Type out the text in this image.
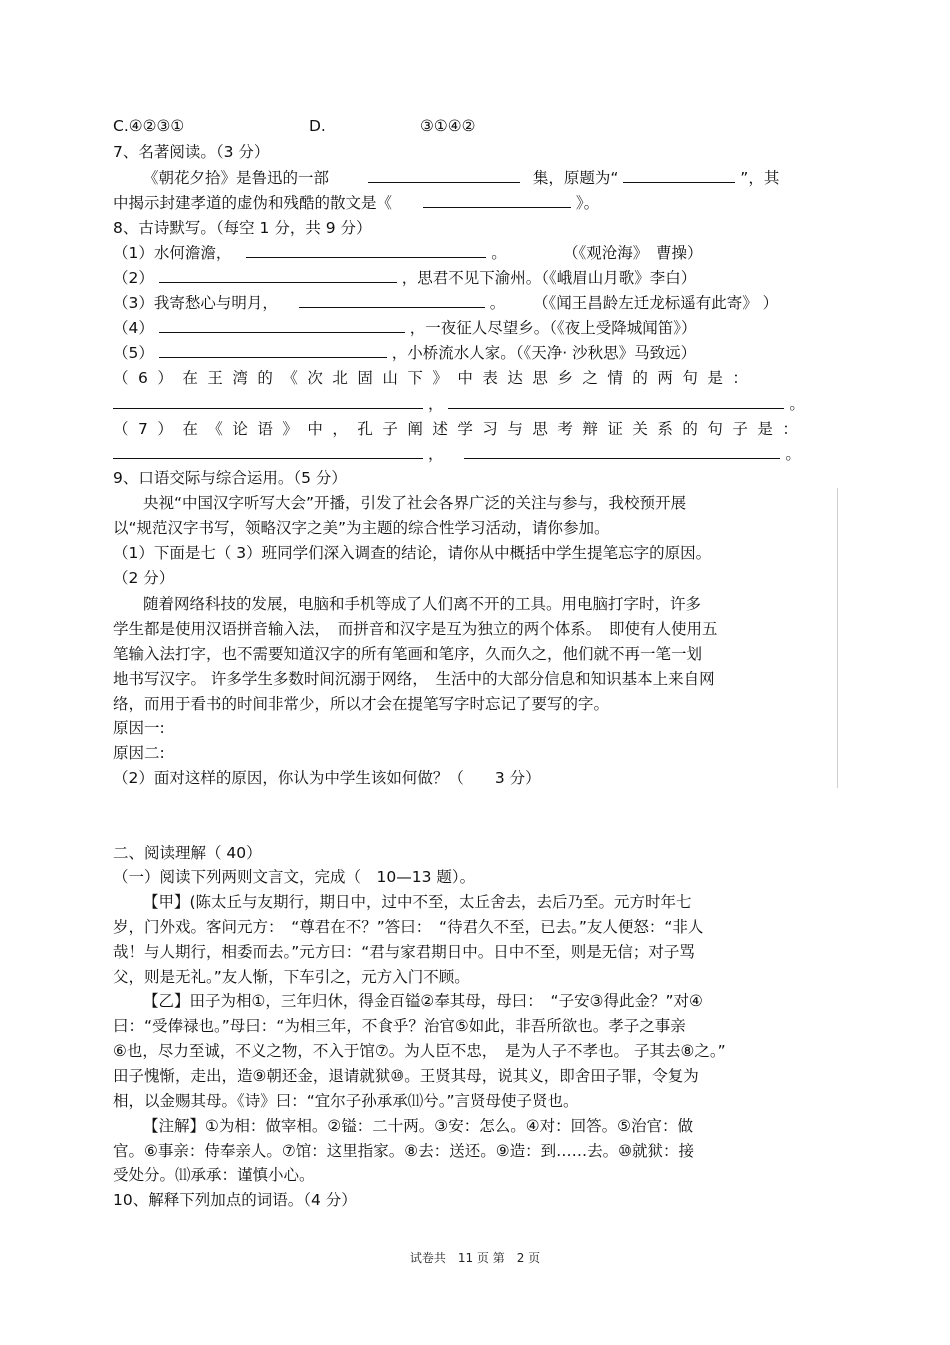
C.④②③①	D.	③①④②
7、名著阅读。（3 分）
《朝花夕拾》是鲁迅的一部	集，原题为“	”，其
中揭示封建孝道的虚伪和残酷的散文是《	》。
8、古诗默写。（每空 1 分，共 9 分）
（1）水何澹澹，	。	（《观沧海》　曹操）
（2）	，思君不见下渝州。（《峨眉山月歌》李白）
（3）我寄愁心与明月，	。 （《闻王昌龄左迁龙标遥有此寄》 ）
（4）	，一夜征人尽望乡。（《夜上受降城闻笛》）
（5）	，小桥流水人家。（《天净· 沙秋思》马致远）
（6）在王湾的《次北固山下》中表达思乡之情的两句是：
，	。
（7）在《论语》中，孔子阐述学习与思考辩证关系的句子是：
，	。
9、口语交际与综合运用。（5 分）
央视“中国汉字听写大会”开播，引发了社会各界广泛的关注与参与，我校预开展
以“规范汉字书写，领略汉字之美”为主题的综合性学习活动，请你参加。
（1）下面是七（ 3）班同学们深入调查的结论，请你从中概括中学生提笔忘字的原因。
（2 分）
随着网络科技的发展，电脑和手机等成了人们离不开的工具。用电脑打字时，许多
学生都是使用汉语拼音输入法，　而拼音和汉字是互为独立的两个体系。　即使有人使用五
笔输入法打字，也不需要知道汉字的所有笔画和笔序，久而久之，他们就不再一笔一划
地书写汉字。 许多学生多数时间沉溺于网络，　生活中的大部分信息和知识基本上来自网
络，而用于看书的时间非常少，所以才会在提笔写字时忘记了要写的字。
原因一:
原因二:
（2）面对这样的原因，你认为中学生该如何做？（　　3 分）
二、阅读理解（ 40）
（一）阅读下列两则文言文，完成（　10—13 题）。
【甲】(陈太丘与友期行，期日中，过中不至，太丘舍去，去后乃至。元方时年七
岁，门外戏。客问元方：　“尊君在不？”答曰：　“待君久不至，已去。”友人便怒：“非人
哉！与人期行，相委而去。”元方曰：“君与家君期日中。日中不至，则是无信；对子骂
父，则是无礼。”友人惭，下车引之，元方入门不顾。
【乙】田子为相①，三年归休，得金百镒②奉其母，母曰：　“子安③得此金？”对④
曰：“受俸禄也。”母曰：“为相三年，不食乎？治官⑤如此，非吾所欲也。孝子之事亲
⑥也，尽力至诚，不义之物，不入于馆⑦。为人臣不忠，　是为人子不孝也。 子其去⑧之。”
田子愧惭，走出，造⑨朝还金，退请就狱⑩。王贤其母，说其义，即舍田子罪，令复为
相，以金赐其母。《诗》曰：“宜尔子孙承承⑾兮。”言贤母使子贤也。
【注解】①为相：做宰相。②镒：二十两。③安：怎么。④对：回答。⑤治官：做
官。⑥事亲：侍奉亲人。⑦馆：这里指家。⑧去：送还。⑨造：到……去。⑩就狱：接
受处分。⑾承承：谨慎小心。
10、解释下列加点的词语。（4 分）
试卷共　11 页 第　2 页
